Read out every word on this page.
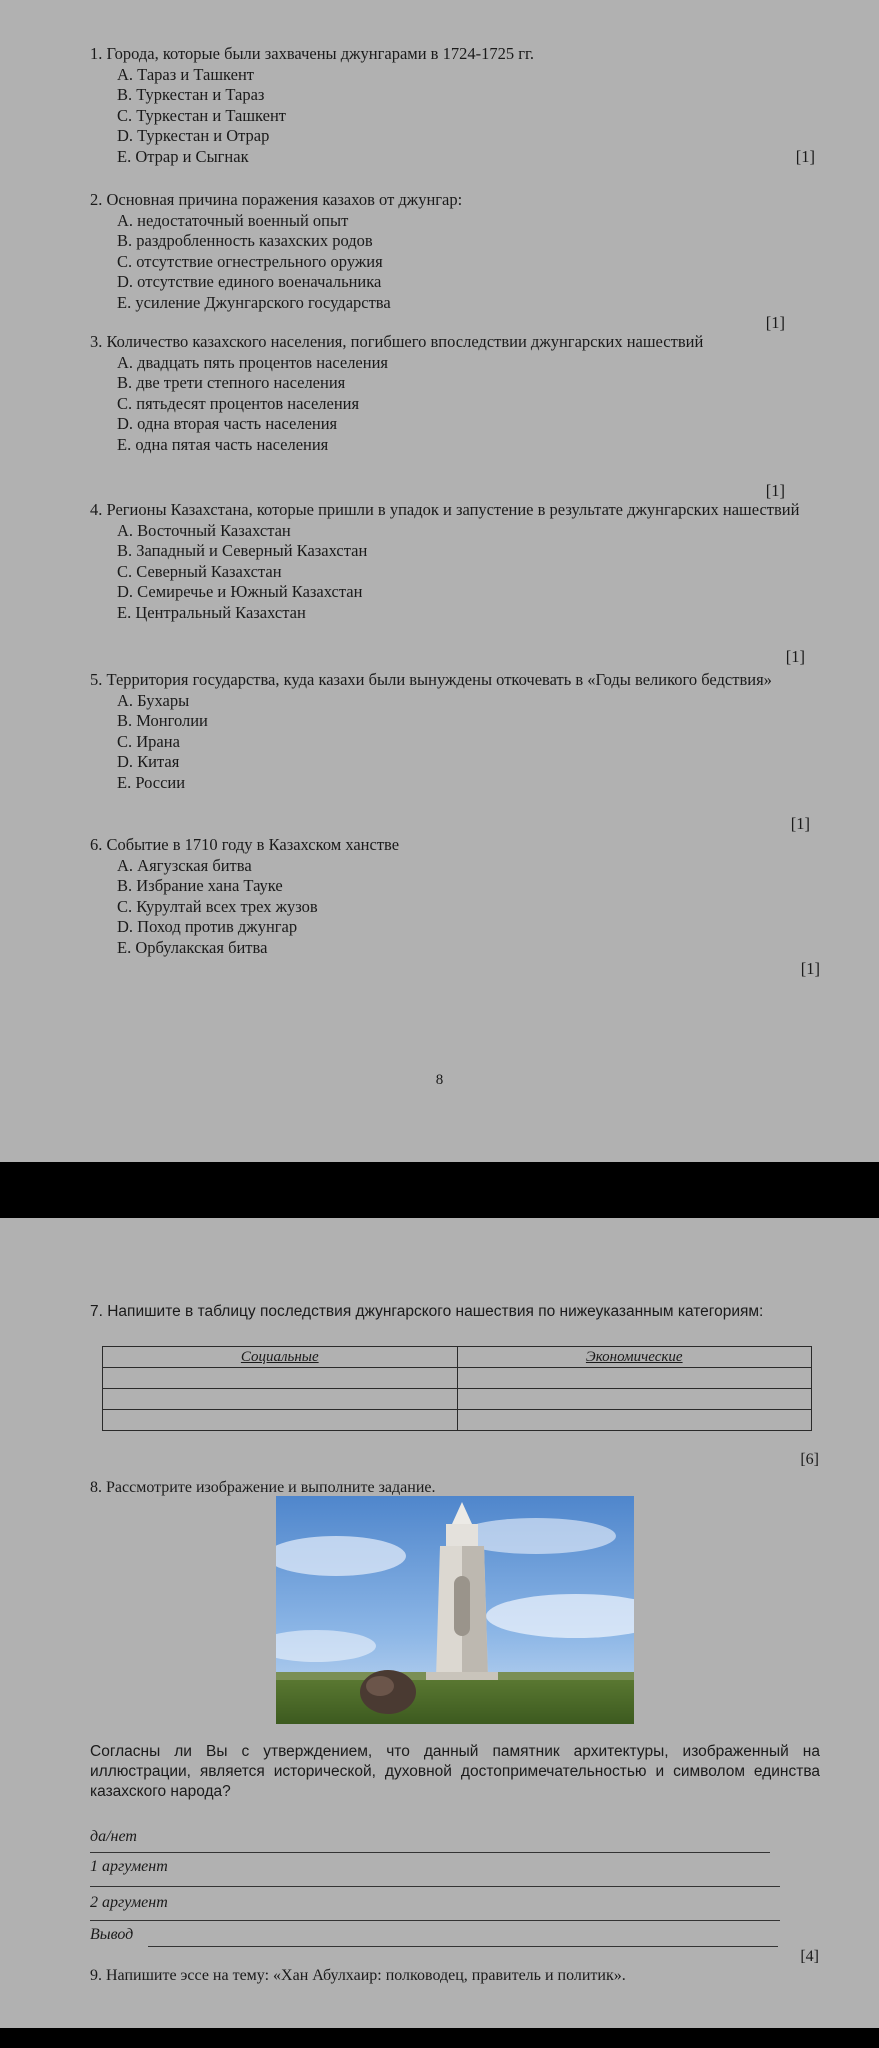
1. Города, которые были захвачены джунгарами в 1724-1725 гг.

A. Тараз и Ташкент

B. Туркестан и Тараз

C. Туркестан и Ташкент

D. Туркестан и Отрар

E. Отрар и Сыгнак	[1]

2. Основная причина поражения казахов от джунгар:

A. недостаточный военный опыт

B. раздробленность казахских родов

C. отсутствие огнестрельного оружия

D. отсутствие единого военачальника

E. усиление Джунгарского государства

[1]

3. Количество казахского населения, погибшего впоследствии джунгарских нашествий

A. двадцать пять процентов населения

B. две трети степного населения

C. пятьдесят процентов населения

D. одна вторая часть населения

E. одна пятая часть населения

[1]

4. Регионы Казахстана, которые пришли в упадок и запустение в результате джунгарских нашествий

A. Восточный Казахстан

B. Западный и Северный Казахстан

C. Северный Казахстан

D. Семиречье и Южный Казахстан

E. Центральный Казахстан

[1]

5. Территория государства, куда казахи были вынуждены откочевать в «Годы великого бедствия»

A. Бухары

B. Монголии

C. Ирана

D. Китая

E. России

[1]

6. Событие в 1710 году в Казахском ханстве

A. Аягузская битва

B. Избрание хана Тауке

C. Курултай всех трех жузов

D. Поход против джунгар

E. Орбулакская битва

[1]
8
7. Напишите в таблицу последствия джунгарского нашествия по нижеуказанным категориям:
Социальные	Экономические

[6]
8. Рассмотрите изображение и выполните задание.
Согласны ли Вы с утверждением, что данный памятник архитектуры, изображенный на иллюстрации, является исторической, духовной достопримечательностью и символом единства казахского народа?
да/нет
1 аргумент
2 аргумент
Вывод
[4]
9. Напишите эссе на тему: «Хан Абулхаир: полководец, правитель и политик».
